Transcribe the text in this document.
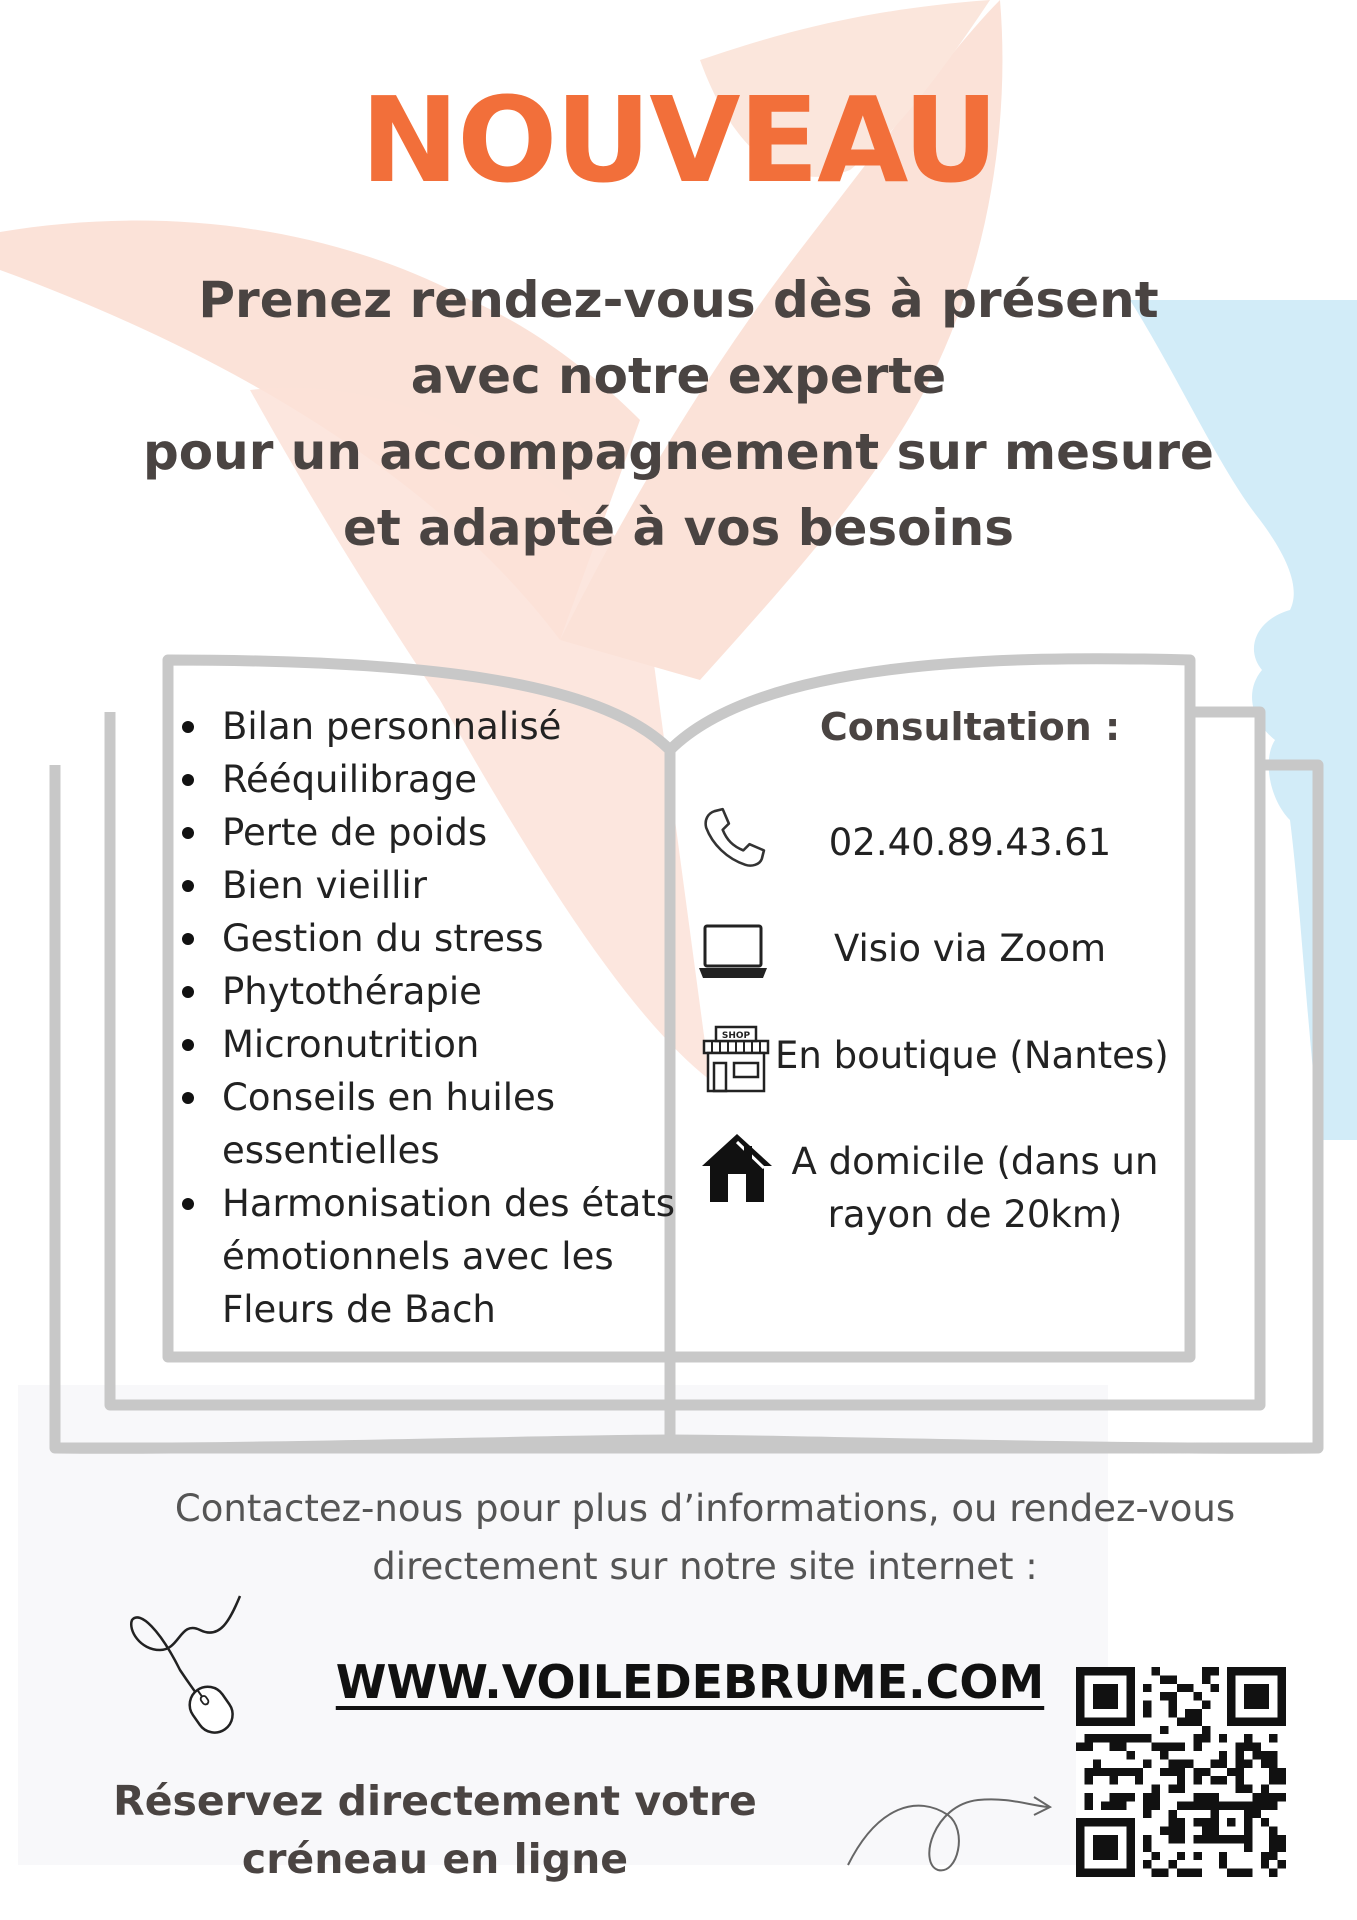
NOUVEAU
Prenez rendez-vous dès à présent
avec notre experte
pour un accompagnement sur mesure
et adapté à vos besoins
Bilan personnalisé
Rééquilibrage
Perte de poids
Bien vieillir
Gestion du stress
Phytothérapie
Micronutrition
Conseils en huiles essentielles
Harmonisation des états émotionnels avec les Fleurs de Bach
Consultation :
02.40.89.43.61
Visio via Zoom
SHOP En boutique (Nantes)
A domicile (dans un
rayon de 20km)
Contactez-nous pour plus d’informations, ou rendez-vous
directement sur notre site internet :
WWW.VOILEDEBRUME.COM
Réservez directement votre
créneau en ligne
